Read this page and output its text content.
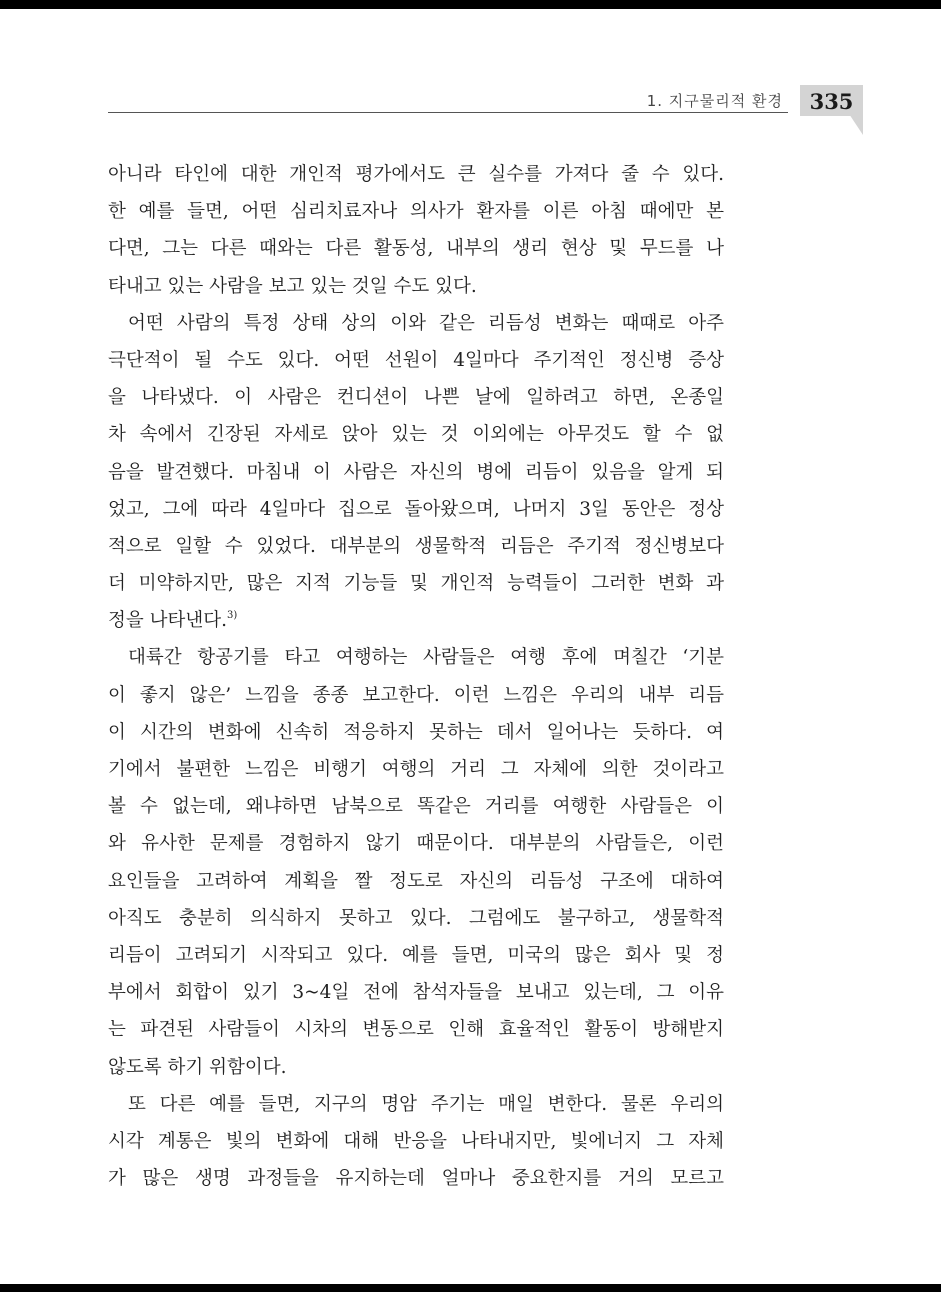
1. 지구물리적 환경	335
아니라 타인에 대한 개인적 평가에서도 큰 실수를 가져다 줄 수 있다.
한 예를 들면, 어떤 심리치료자나 의사가 환자를 이른 아침 때에만 본
다면, 그는 다른 때와는 다른 활동성, 내부의 생리 현상 및 무드를 나
타내고 있는 사람을 보고 있는 것일 수도 있다.
어떤 사람의 특정 상태 상의 이와 같은 리듬성 변화는 때때로 아주
극단적이 될 수도 있다. 어떤 선원이 4일마다 주기적인 정신병 증상
을 나타냈다. 이 사람은 컨디션이 나쁜 날에 일하려고 하면, 온종일
차 속에서 긴장된 자세로 앉아 있는 것 이외에는 아무것도 할 수 없
음을 발견했다. 마침내 이 사람은 자신의 병에 리듬이 있음을 알게 되
었고, 그에 따라 4일마다 집으로 돌아왔으며, 나머지 3일 동안은 정상
적으로 일할 수 있었다. 대부분의 생물학적 리듬은 주기적 정신병보다
더 미약하지만, 많은 지적 기능들 및 개인적 능력들이 그러한 변화 과
정을 나타낸다.$^{3)}$
대륙간 항공기를 타고 여행하는 사람들은 여행 후에 며칠간 ‘기분
이 좋지 않은’ 느낌을 종종 보고한다. 이런 느낌은 우리의 내부 리듬
이 시간의 변화에 신속히 적응하지 못하는 데서 일어나는 듯하다. 여
기에서 불편한 느낌은 비행기 여행의 거리 그 자체에 의한 것이라고
볼 수 없는데, 왜냐하면 남북으로 똑같은 거리를 여행한 사람들은 이
와 유사한 문제를 경험하지 않기 때문이다. 대부분의 사람들은, 이런
요인들을 고려하여 계획을 짤 정도로 자신의 리듬성 구조에 대하여
아직도 충분히 의식하지 못하고 있다. 그럼에도 불구하고, 생물학적
리듬이 고려되기 시작되고 있다. 예를 들면, 미국의 많은 회사 및 정
부에서 회합이 있기 3~4일 전에 참석자들을 보내고 있는데, 그 이유
는 파견된 사람들이 시차의 변동으로 인해 효율적인 활동이 방해받지
않도록 하기 위함이다.
또 다른 예를 들면, 지구의 명암 주기는 매일 변한다. 물론 우리의
시각 계통은 빛의 변화에 대해 반응을 나타내지만, 빛에너지 그 자체
가 많은 생명 과정들을 유지하는데 얼마나 중요한지를 거의 모르고
